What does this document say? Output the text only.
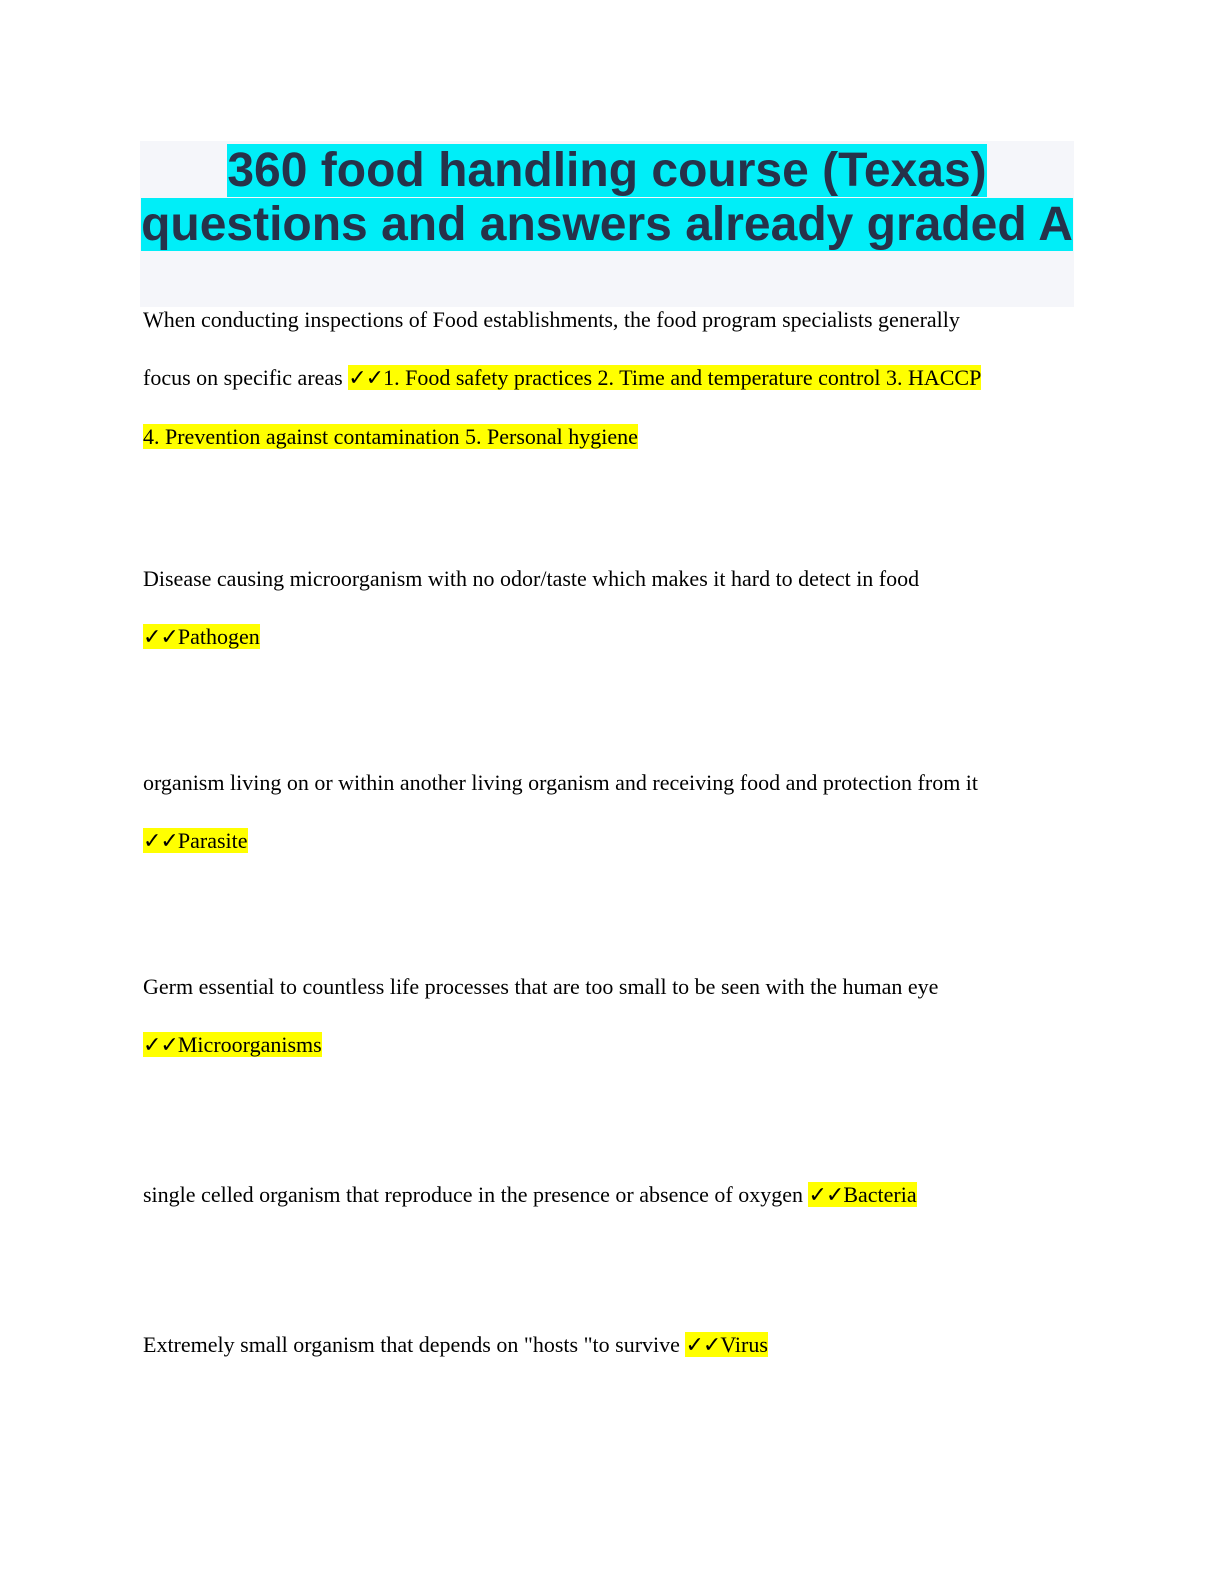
360 food handling course (Texas)
questions and answers already graded A
When conducting inspections of Food establishments, the food program specialists generally
focus on specific areas ✓✓1. Food safety practices 2. Time and temperature control 3. HACCP
4. Prevention against contamination 5. Personal hygiene
Disease causing microorganism with no odor/taste which makes it hard to detect in food
✓✓Pathogen
organism living on or within another living organism and receiving food and protection from it
✓✓Parasite
Germ essential to countless life processes that are too small to be seen with the human eye
✓✓Microorganisms
single celled organism that reproduce in the presence or absence of oxygen ✓✓Bacteria
Extremely small organism that depends on "hosts "to survive ✓✓Virus
